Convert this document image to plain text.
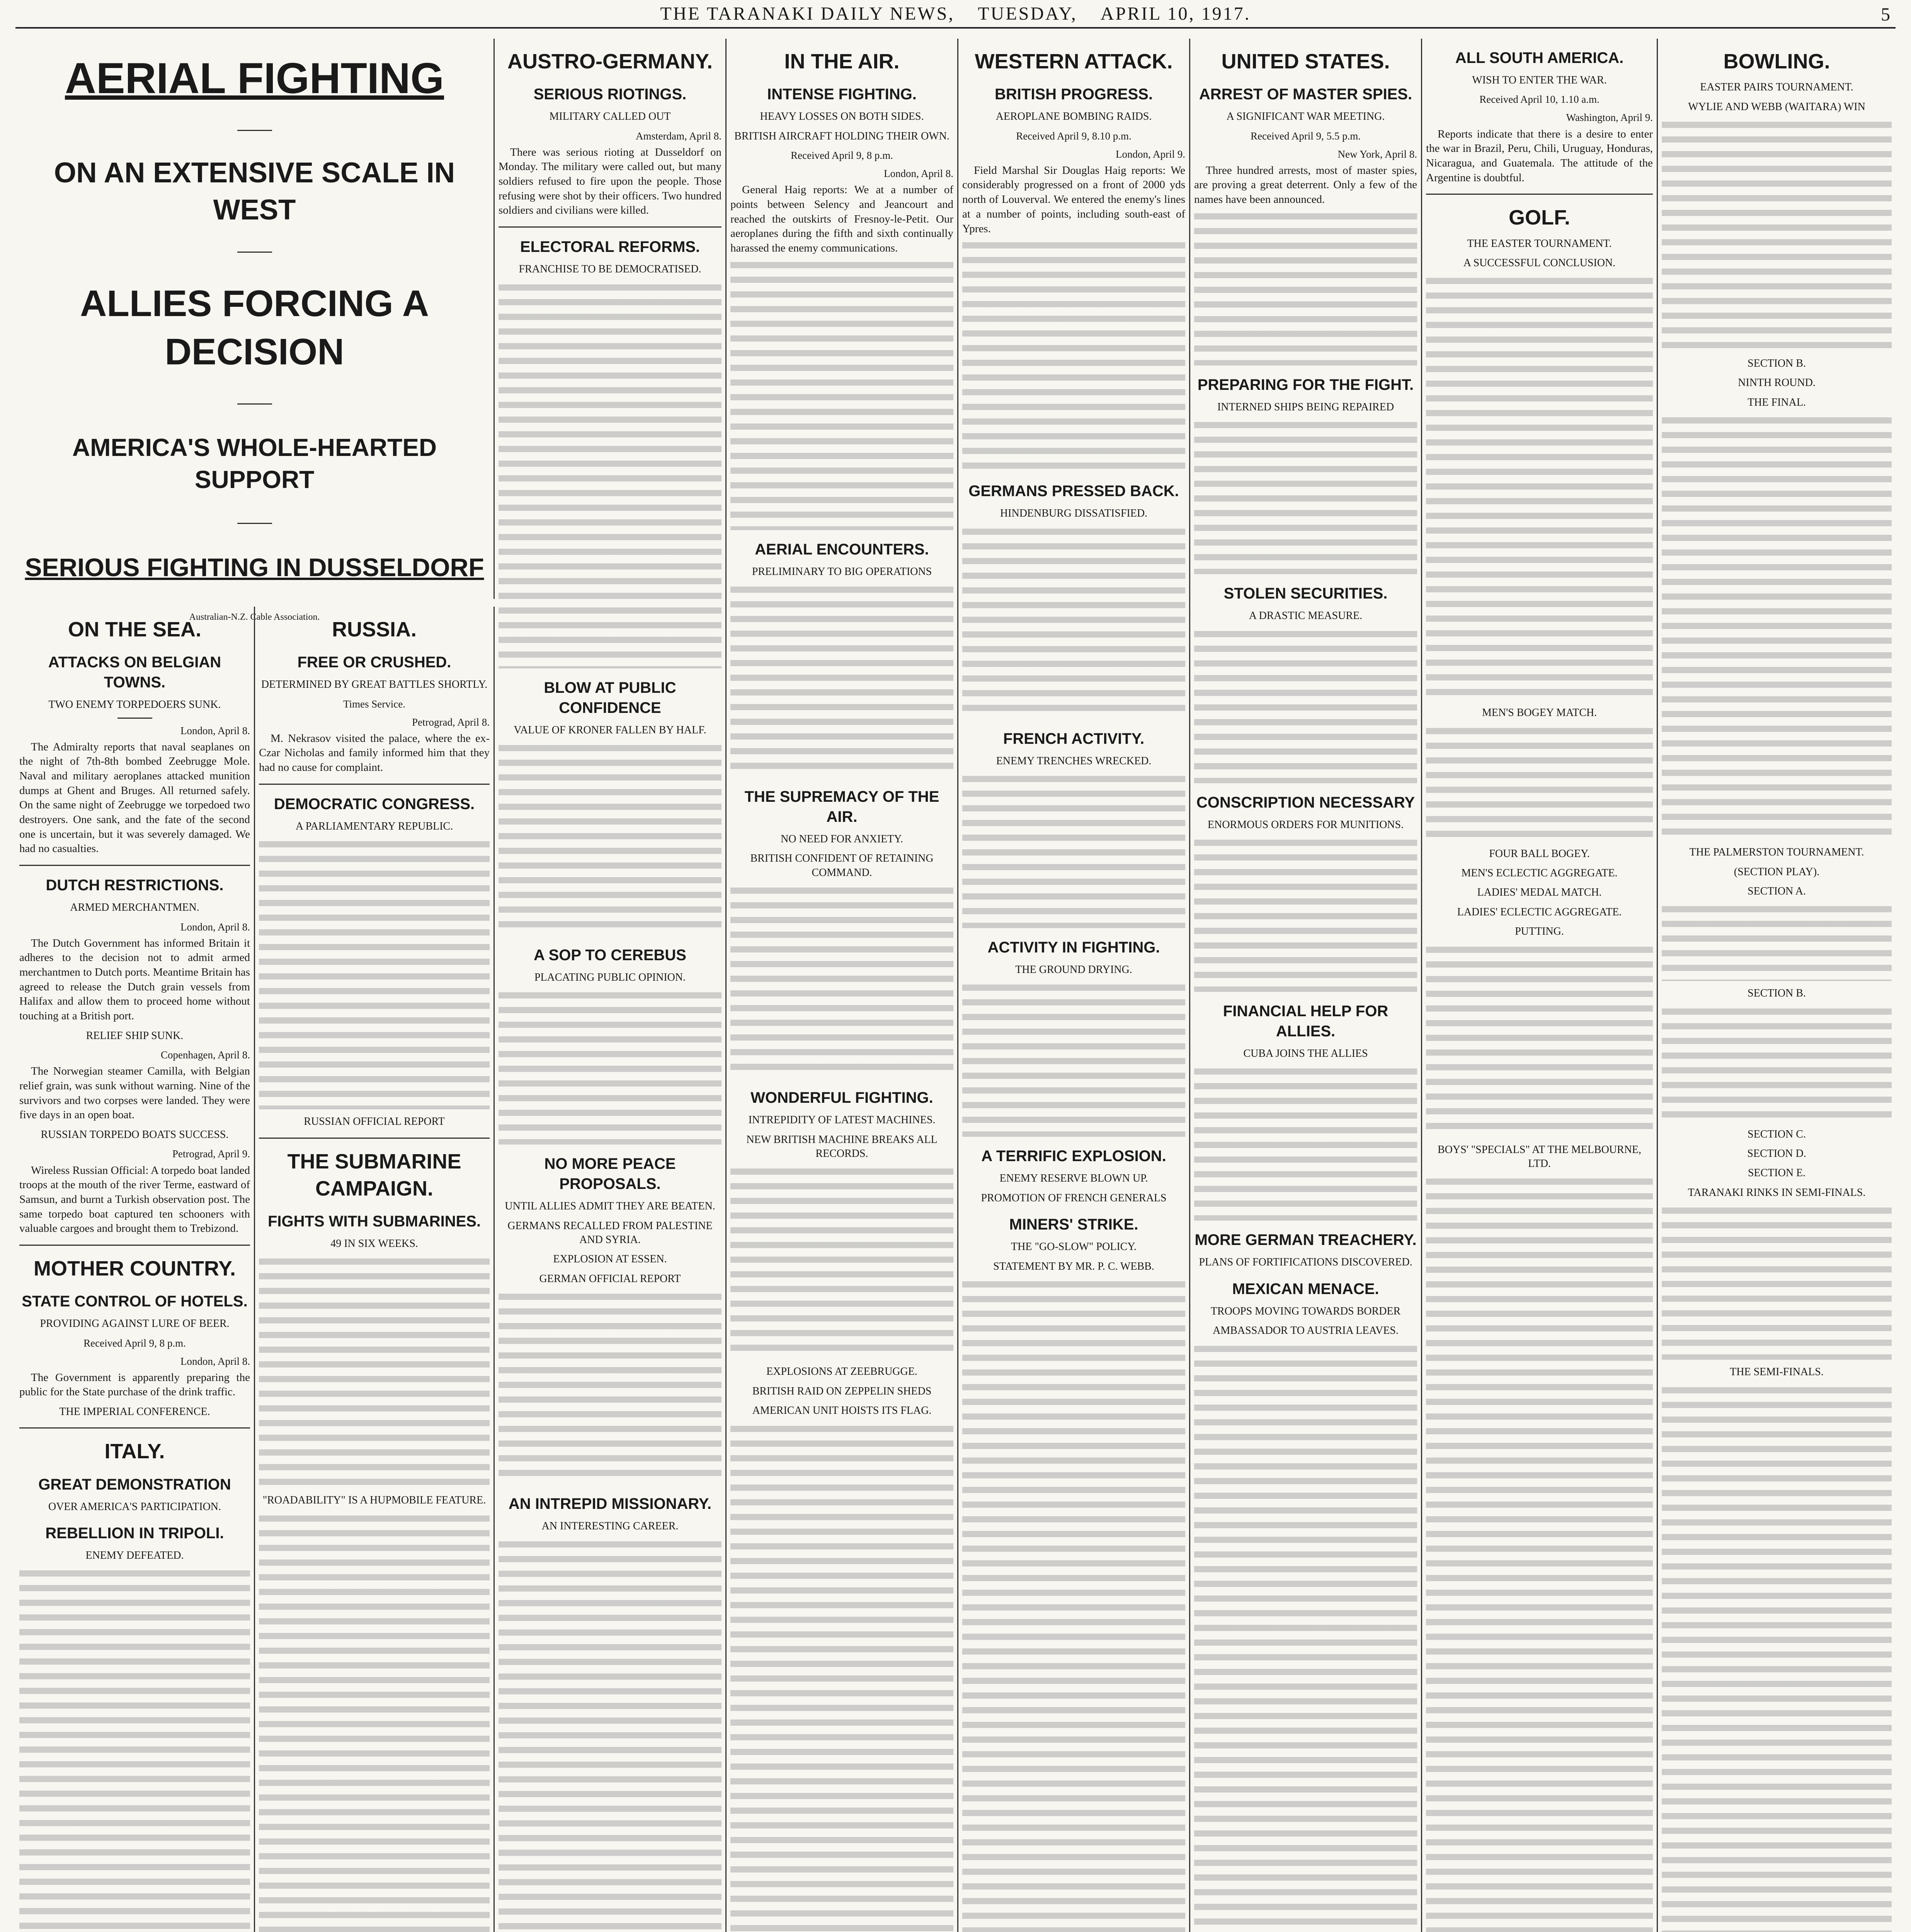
THE TARANAKI DAILY NEWS, TUESDAY, APRIL 10, 1917.	5
AERIAL FIGHTING
ON AN EXTENSIVE SCALE IN WEST
ALLIES FORCING A DECISION
AMERICA'S WHOLE-HEARTED SUPPORT
SERIOUS FIGHTING IN DUSSELDORF
Australian-N.Z. Cable Association.
ON THE SEA.
ATTACKS ON BELGIAN TOWNS.
TWO ENEMY TORPEDOERS SUNK.
London, April 8.
The Admiralty reports that naval seaplanes on the night of 7th-8th bombed Zeebrugge Mole. Naval and military aeroplanes attacked munition dumps at Ghent and Bruges. All returned safely. On the same night of Zeebrugge we torpedoed two destroyers. One sank, and the fate of the second one is uncertain, but it was severely damaged. We had no casualties.
DUTCH RESTRICTIONS.
ARMED MERCHANTMEN.
London, April 8.
The Dutch Government has informed Britain it adheres to the decision not to admit armed merchantmen to Dutch ports. Meantime Britain has agreed to release the Dutch grain vessels from Halifax and allow them to proceed home without touching at a British port.
RELIEF SHIP SUNK.
Copenhagen, April 8.
The Norwegian steamer Camilla, with Belgian relief grain, was sunk without warning. Nine of the survivors and two corpses were landed. They were five days in an open boat.
RUSSIAN TORPEDO BOATS SUCCESS.
Petrograd, April 9.
Wireless Russian Official: A torpedo boat landed troops at the mouth of the river Terme, eastward of Samsun, and burnt a Turkish observation post. The same torpedo boat captured ten schooners with valuable cargoes and brought them to Trebizond.
MOTHER COUNTRY.
STATE CONTROL OF HOTELS.
PROVIDING AGAINST LURE OF BEER.
Received April 9, 8 p.m.
London, April 8.
The Government is apparently preparing the public for the State purchase of the drink traffic.
THE IMPERIAL CONFERENCE.
ITALY.
GREAT DEMONSTRATION
OVER AMERICA'S PARTICIPATION.
REBELLION IN TRIPOLI.
ENEMY DEFEATED.
RUSSIA.
FREE OR CRUSHED.
DETERMINED BY GREAT BATTLES SHORTLY.
Times Service.
Petrograd, April 8.
M. Nekrasov visited the palace, where the ex-Czar Nicholas and family informed him that they had no cause for complaint.
DEMOCRATIC CONGRESS.
A PARLIAMENTARY REPUBLIC.
RUSSIAN OFFICIAL REPORT
THE SUBMARINE CAMPAIGN.
FIGHTS WITH SUBMARINES.
49 IN SIX WEEKS.
"ROADABILITY" IS A HUPMOBILE FEATURE.
AUSTRO-GERMANY.
SERIOUS RIOTINGS.
MILITARY CALLED OUT
Amsterdam, April 8.
There was serious rioting at Dusseldorf on Monday. The military were called out, but many soldiers refused to fire upon the people. Those refusing were shot by their officers. Two hundred soldiers and civilians were killed.
ELECTORAL REFORMS.
FRANCHISE TO BE DEMOCRATISED.
BLOW AT PUBLIC CONFIDENCE
VALUE OF KRONER FALLEN BY HALF.
A SOP TO CEREBUS
PLACATING PUBLIC OPINION.
NO MORE PEACE PROPOSALS.
UNTIL ALLIES ADMIT THEY ARE BEATEN.
GERMANS RECALLED FROM PALESTINE AND SYRIA.
EXPLOSION AT ESSEN.
GERMAN OFFICIAL REPORT
AN INTREPID MISSIONARY.
AN INTERESTING CAREER.
IN THE AIR.
INTENSE FIGHTING.
HEAVY LOSSES ON BOTH SIDES.
BRITISH AIRCRAFT HOLDING THEIR OWN.
Received April 9, 8 p.m.
London, April 8.
General Haig reports: We at a number of points between Selency and Jeancourt and reached the outskirts of Fresnoy-le-Petit. Our aeroplanes during the fifth and sixth continually harassed the enemy communications.
AERIAL ENCOUNTERS.
PRELIMINARY TO BIG OPERATIONS
THE SUPREMACY OF THE AIR.
NO NEED FOR ANXIETY.
BRITISH CONFIDENT OF RETAINING COMMAND.
WONDERFUL FIGHTING.
INTREPIDITY OF LATEST MACHINES.
NEW BRITISH MACHINE BREAKS ALL RECORDS.
EXPLOSIONS AT ZEEBRUGGE.
BRITISH RAID ON ZEPPELIN SHEDS
AMERICAN UNIT HOISTS ITS FLAG.
WESTERN ATTACK.
BRITISH PROGRESS.
AEROPLANE BOMBING RAIDS.
Received April 9, 8.10 p.m.
London, April 9.
Field Marshal Sir Douglas Haig reports: We considerably progressed on a front of 2000 yds north of Louverval. We entered the enemy's lines at a number of points, including south-east of Ypres.
GERMANS PRESSED BACK.
HINDENBURG DISSATISFIED.
FRENCH ACTIVITY.
ENEMY TRENCHES WRECKED.
ACTIVITY IN FIGHTING.
THE GROUND DRYING.
A TERRIFIC EXPLOSION.
ENEMY RESERVE BLOWN UP.
PROMOTION OF FRENCH GENERALS
MINERS' STRIKE.
THE "GO-SLOW" POLICY.
STATEMENT BY MR. P. C. WEBB.
UNITED STATES.
ARREST OF MASTER SPIES.
A SIGNIFICANT WAR MEETING.
Received April 9, 5.5 p.m.
New York, April 8.
Three hundred arrests, most of master spies, are proving a great deterrent. Only a few of the names have been announced.
PREPARING FOR THE FIGHT.
INTERNED SHIPS BEING REPAIRED
STOLEN SECURITIES.
A DRASTIC MEASURE.
CONSCRIPTION NECESSARY
ENORMOUS ORDERS FOR MUNITIONS.
FINANCIAL HELP FOR ALLIES.
CUBA JOINS THE ALLIES
MORE GERMAN TREACHERY.
PLANS OF FORTIFICATIONS DISCOVERED.
MEXICAN MENACE.
TROOPS MOVING TOWARDS BORDER
AMBASSADOR TO AUSTRIA LEAVES.
ALL SOUTH AMERICA.
WISH TO ENTER THE WAR.
Received April 10, 1.10 a.m.
Washington, April 9.
Reports indicate that there is a desire to enter the war in Brazil, Peru, Chili, Uruguay, Honduras, Nicaragua, and Guatemala. The attitude of the Argentine is doubtful.
GOLF.
THE EASTER TOURNAMENT.
A SUCCESSFUL CONCLUSION.
MEN'S BOGEY MATCH.
FOUR BALL BOGEY.
MEN'S ECLECTIC AGGREGATE.
LADIES' MEDAL MATCH.
LADIES' ECLECTIC AGGREGATE.
PUTTING.
BOYS' "SPECIALS" AT THE MELBOURNE, LTD.
BOWLING.
EASTER PAIRS TOURNAMENT.
WYLIE AND WEBB (WAITARA) WIN
SECTION B.
NINTH ROUND.
THE FINAL.
THE PALMERSTON TOURNAMENT.
(SECTION PLAY).
SECTION A.
SECTION B.
SECTION C.
SECTION D.
SECTION E.
TARANAKI RINKS IN SEMI-FINALS.
THE SEMI-FINALS.
